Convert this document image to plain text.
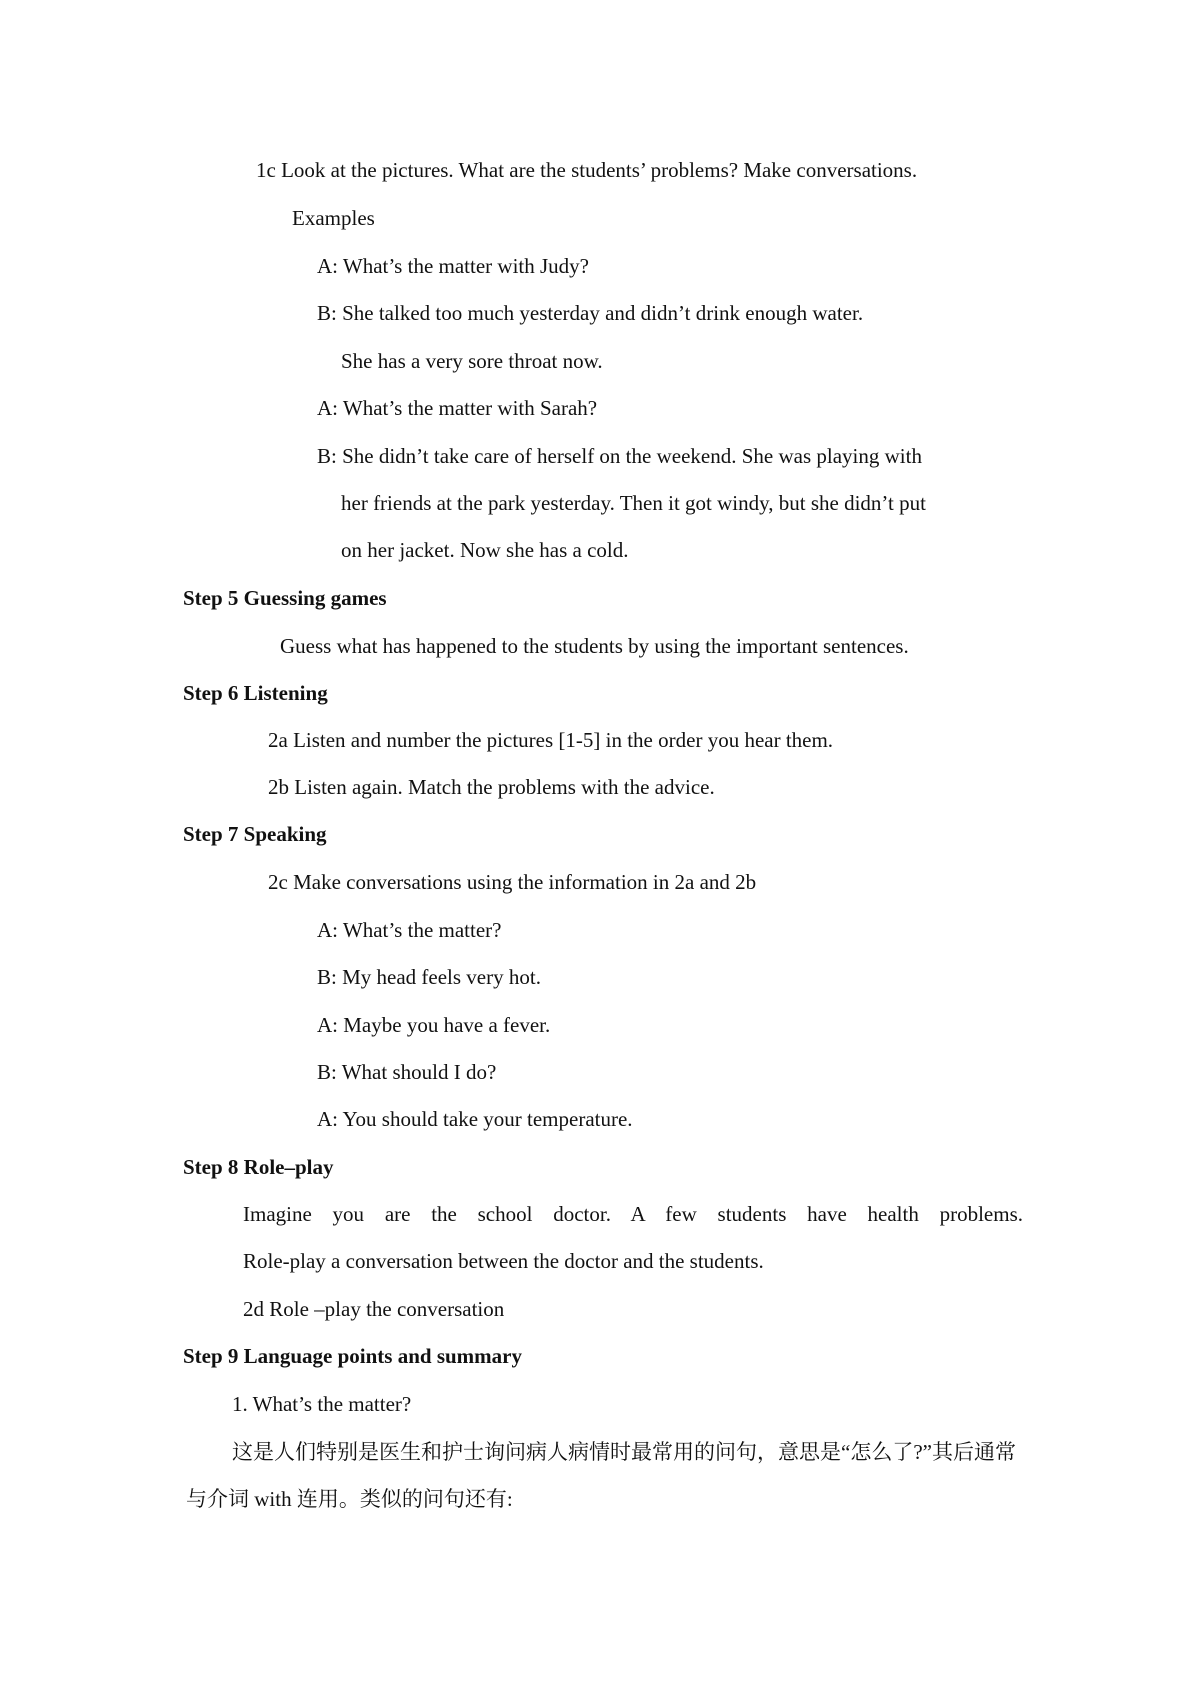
1c Look at the pictures. What are the students’ problems? Make conversations.
Examples
A: What’s the matter with Judy?
B: She talked too much yesterday and didn’t drink enough water.
She has a very sore throat now.
A: What’s the matter with Sarah?
B: She didn’t take care of herself on the weekend. She was playing with
her friends at the park yesterday. Then it got windy, but she didn’t put
on her jacket. Now she has a cold.
Step 5 Guessing games
Guess what has happened to the students by using the important sentences.
Step 6 Listening
2a Listen and number the pictures [1-5] in the order you hear them.
2b Listen again. Match the problems with the advice.
Step 7 Speaking
2c Make conversations using the information in 2a and 2b
A: What’s the matter?
B: My head feels very hot.
A: Maybe you have a fever.
B: What should I do?
A: You should take your temperature.
Step 8 Role–play
Imagine you are the school doctor. A few students have health problems.
Role-play a conversation between the doctor and the students.
2d Role –play the conversation
Step 9 Language points and summary
1. What’s the matter?
这是人们特别是医生和护士询问病人病情时最常用的问句，意思是“怎么了?”其后通常与介词 with 连用。类似的问句还有:
